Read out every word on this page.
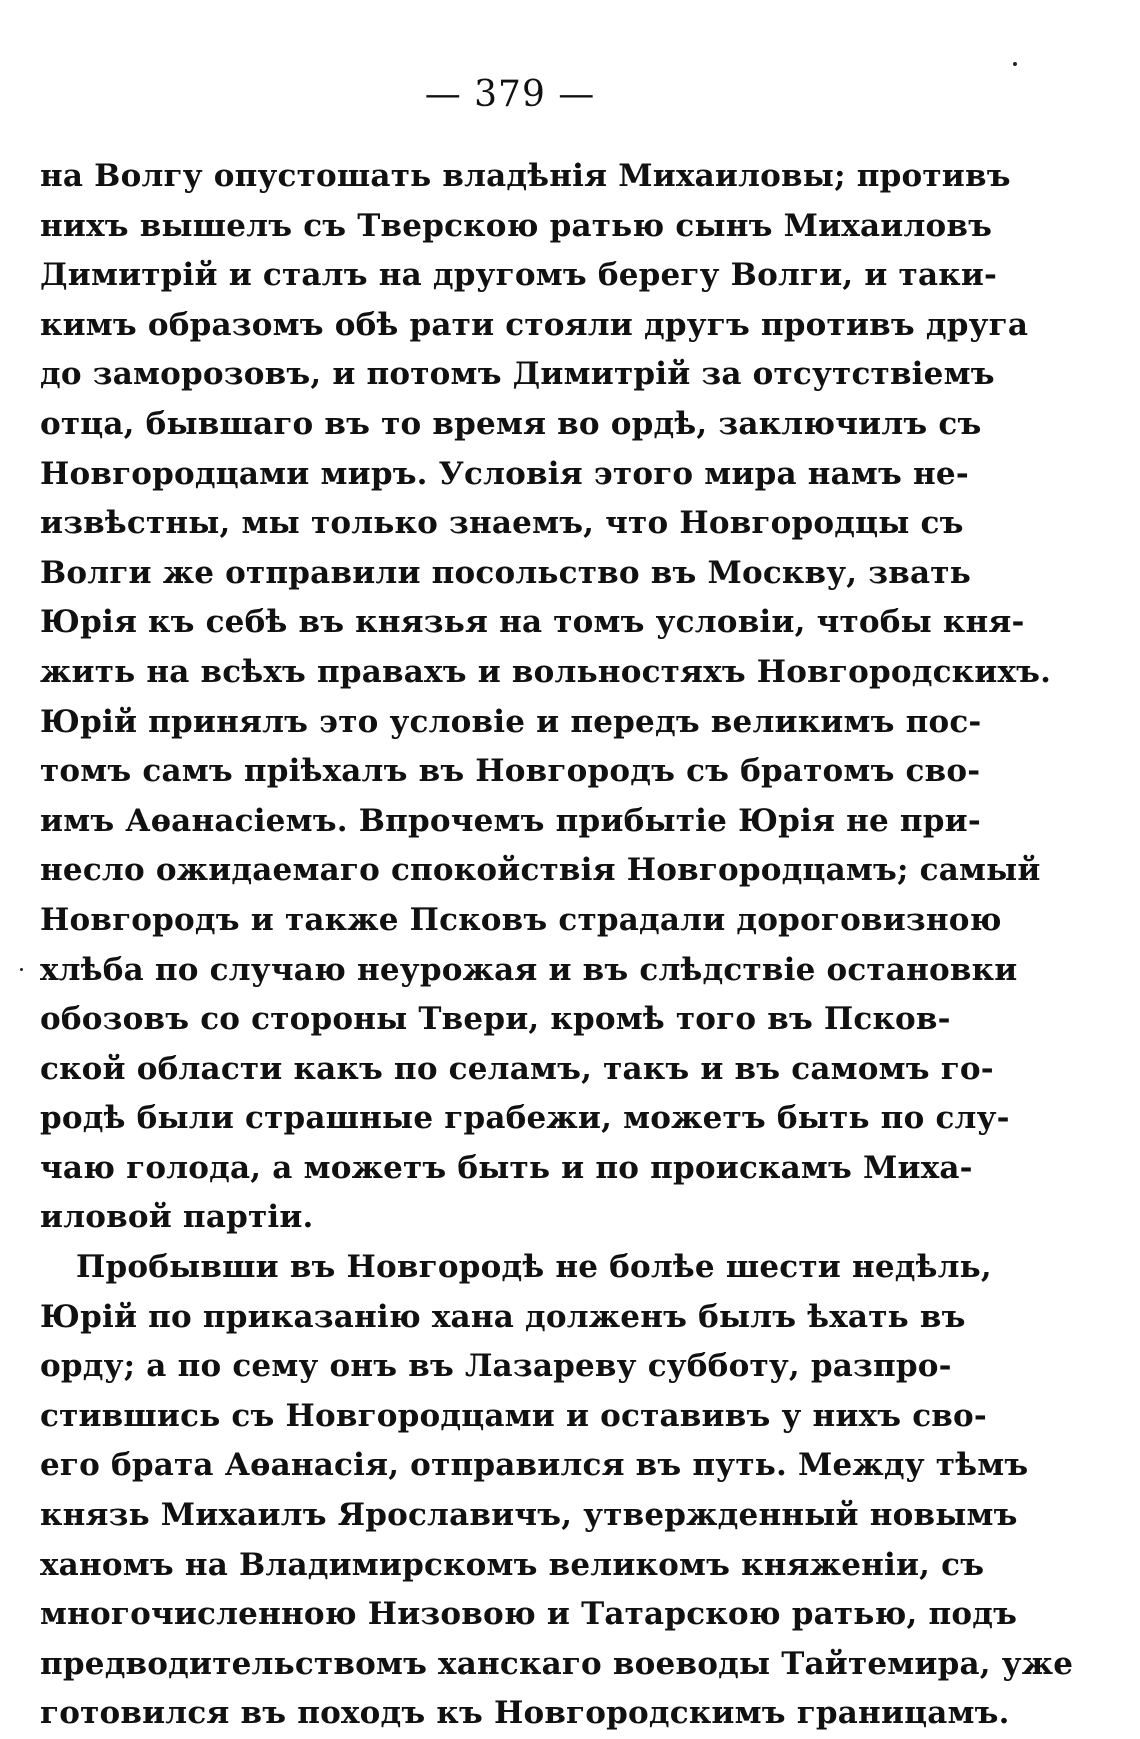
— 379 —
на Волгу опустошать владѣнія Михаиловы; противъ
нихъ вышелъ съ Тверскою ратью сынъ Михаиловъ
Димитрій и сталъ на другомъ берегу Волги, и таки-
кимъ образомъ обѣ рати стояли другъ противъ друга
до заморозовъ, и потомъ Димитрій за отсутствіемъ
отца, бывшаго въ то время во ордѣ, заключилъ съ
Новгородцами миръ. Условія этого мира намъ не-
извѣстны, мы только знаемъ, что Новгородцы съ
Волги же отправили посольство въ Москву, звать
Юрія къ себѣ въ князья на томъ условіи, чтобы кня-
жить на всѣхъ правахъ и вольностяхъ Новгородскихъ.
Юрій принялъ это условіе и передъ великимъ пос-
томъ самъ пріѣхалъ въ Новгородъ съ братомъ сво-
имъ Аѳанасіемъ. Впрочемъ прибытіе Юрія не при-
несло ожидаемаго спокойствія Новгородцамъ; самый
Новгородъ и также Псковъ страдали дороговизною
хлѣба по случаю неурожая и въ слѣдствіе остановки
обозовъ со стороны Твери, кромѣ того въ Псков-
ской области какъ по селамъ, такъ и въ самомъ го-
родѣ были страшные грабежи, можетъ быть по слу-
чаю голода, а можетъ быть и по проискамъ Миха-
иловой партіи.
Пробывши въ Новгородѣ не болѣе шести недѣль,
Юрій по приказанію хана долженъ былъ ѣхать въ
орду; а по сему онъ въ Лазареву субботу, разпро-
стившись съ Новгородцами и оставивъ у нихъ сво-
его брата Аѳанасія, отправился въ путь. Между тѣмъ
князь Михаилъ Ярославичъ, утвержденный новымъ
ханомъ на Владимирскомъ великомъ княженіи, съ
многочисленною Низовою и Татарскою ратью, подъ
предводительствомъ ханскаго воеводы Тайтемира, уже
готовился въ походъ къ Новгородскимъ границамъ.
